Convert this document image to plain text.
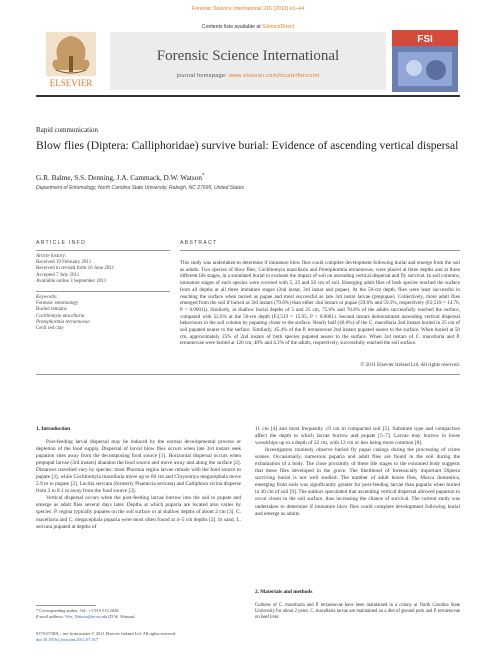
Forensic Science International 216 (2012) e1–e4
Contents lists available at ScienceDirect
Forensic Science International
journal homepage: www.elsevier.com/locate/forsciint
ELSEVIER
FSI
Rapid communication
Blow flies (Diptera: Calliphoridae) survive burial: Evidence of ascending vertical dispersal
G.R. Balme, S.S. Denning, J.A. Cammack, D.W. Watson*
Department of Entomology, North Carolina State University, Raleigh, NC 27695, United States
ARTICLE INFO
Article history:
Received 19 February 2011
Received in revised form 16 June 2011
Accepted 7 July 2011
Available online 3 September 2011
Keywords:
Forensic entomology
Buried remains
Cochliomyia macellaria
Protophormia terraenovae
Cecil red clay
ABSTRACT
This study was undertaken to determine if immature blow flies could complete development following burial and emerge from the soil as adults. Two species of blow flies, Cochliomyia macellaria and Protophormia terraenovae, were placed at three depths and at three different life stages, in a simulated burial to evaluate the impact of soil on ascending vertical dispersal and fly survival. In soil columns, immature stages of each species were covered with 5, 25 and 50 cm of soil. Emerging adult flies of both species reached the surface from all depths at all three immature stages (2nd instar, 3rd instar and pupae). At the 50-cm depth, flies were least successful in reaching the surface when buried as pupae and most successful as late 3rd instar larvae (prepupae). Collectively, more adult flies emerged from the soil if buried as 3rd instars (79.6%) than either 2nd instars or pupae (59.6% and 59.3%, respectively (F2,519 = 14.76, P < 0.0001)). Similarly, at shallow burial depths of 5 and 25 cm, 75.6% and 70.4% of the adults successfully reached the surface, compared with 52.6% at the 50-cm depth (F2,519 = 15.95, P < 0.0001). Second instars demonstrated ascending vertical dispersal behaviours in the soil column by pupating closer to the surface. Nearly half (46.6%) of the C. macellaria 2nd instars buried in 25 cm of soil pupated nearer to the surface. Similarly, 45.4% of the P. terraenovae 2nd instars pupated nearer to the surface. When buried at 50 cm, approximately 25% of 2nd instars of both species pupated nearer to the surface. When 3rd instars of C. macellaria and P. terraenovae were buried at 120 cm, 40% and 4.3% of the adults, respectively, successfully reached the soil surface.
© 2011 Elsevier Ireland Ltd. All rights reserved.
1. Introduction

Post-feeding larval dispersal may be induced by the normal developmental process or depletion of the food supply. Dispersal of larval blow flies occurs when late 3rd instars seek pupation sites away from the decomposing food source [1]. Horizontal dispersal occurs when prepupal larvae (3rd instars) abandon the food source and move away and along the surface [2]. Distances travelled vary by species: most Phormia regina larvae remain with the food source to pupate [3], while Cochliomyia macellaria move up to 60 cm and Chrysomya megacephala move 2.9 m to pupate [2]. Lucilia sericata (formerly Phaenicia sericata) and Calliphora vicina disperse from 3 to 8.1 m away from the food source [3].

Vertical dispersal occurs when the post-feeding larvae burrow into the soil to pupate and emerge as adult flies several days later. Depths at which puparia are located also varies by species. P. regina typically pupates on the soil surface or at shallow depths of about 2 cm [3]. C. macellaria and C. megacephala puparia were most often found at 4–5 cm depths [2]. In sand, L. sericata pupated at depths of

* Corresponding author. Tel.: +1 919 513 2028.
E-mail address: Wes_Watson@ncsu.edu (D.W. Watson).
0379-0738/$ – see front matter © 2011 Elsevier Ireland Ltd. All rights reserved.
doi:10.1016/j.forsciint.2011.07.017
11 cm [4] and most frequently ≤9 cm in compacted soil [5]. Substrate type and compaction affect the depth to which larvae burrow and pupate [5–7]. Larvae may burrow in loose woodchips up to a depth of 22 cm, with 12 cm or less being more common [8].

Investigators routinely observe buried fly pupal casings during the processing of crime scenes. Occasionally, numerous puparia and adult flies are found in the soil during the exhumation of a body. The close proximity of these life stages to the exhumed body suggests that these flies developed in the grave. The likelihood of forensically important Diptera surviving burial is not well studied. The number of adult house flies, Musca domestica, emerging from soils was significantly greater for post-feeding larvae than puparia when buried in 30 cm of soil [9]. The authors speculated that ascending vertical dispersal allowed pupation to occur closer to the soil surface, thus increasing the chance of survival. The current study was undertaken to determine if immature blow flies could complete development following burial and emerge as adults.

2. Materials and methods
Cultures of C. macellaria and P. terraenovae have been maintained in a colony at North Carolina State University for about 2 years. C. macellaria larvae are maintained on a diet of ground pork and P. terraenovae on beef liver.
